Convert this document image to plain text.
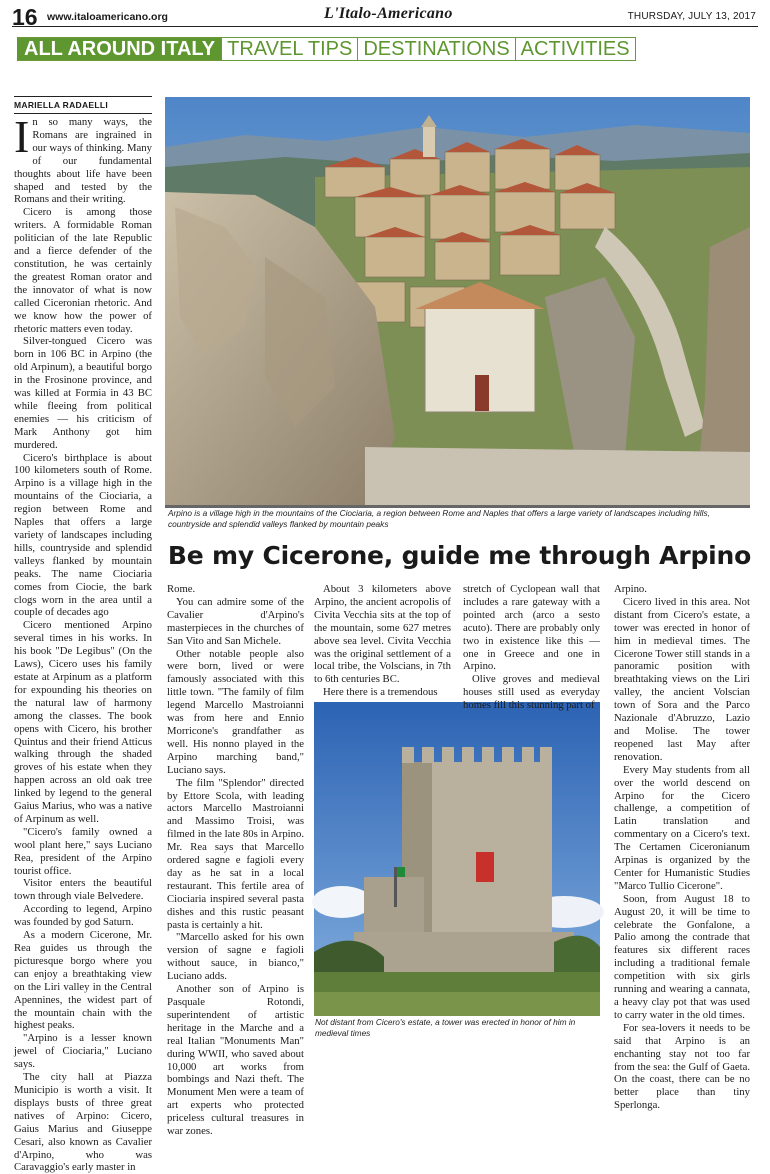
16 www.italoamericano.org	L'Italo-Americano	THURSDAY, JULY 13, 2017
ALL AROUND ITALY TRAVEL TIPS DESTINATIONS ACTIVITIES
MARIELLA RADAELLI
Arpino is a village high in the mountains of the Ciociaria, a region between Rome and Naples that offers a large variety of landscapes including hills, countryside and splendid valleys flanked by mountain peaks
Be my Cicerone, guide me through Arpino
Not distant from Cicero's estate, a tower was erected in honor of him in medieval times

In so many ways, the Romans are ingrained in our ways of thinking. Many of our fundamental thoughts about life have been shaped and tested by the Romans and their writing.

Cicero is among those writers. A formidable Roman politician of the late Republic and a fierce defender of the constitution, he was certainly the greatest Roman orator and the innovator of what is now called Ciceronian rhetoric. And we know how the power of rhetoric matters even today.

Silver-tongued Cicero was born in 106 BC in Arpino (the old Arpinum), a beautiful borgo in the Frosinone province, and was killed at Formia in 43 BC while fleeing from political enemies — his criticism of Mark Anthony got him murdered.

Cicero's birthplace is about 100 kilometers south of Rome. Arpino is a village high in the mountains of the Ciociaria, a region between Rome and Naples that offers a large variety of landscapes including hills, countryside and splendid valleys flanked by mountain peaks. The name Ciociaria comes from Ciocie, the bark clogs worn in the area until a couple of decades ago

Cicero mentioned Arpino several times in his works. In his book "De Legibus" (On the Laws), Cicero uses his family estate at Arpinum as a platform for expounding his theories on the natural law of harmony among the classes. The book opens with Cicero, his brother Quintus and their friend Atticus walking through the shaded groves of his estate when they happen across an old oak tree linked by legend to the general Gaius Marius, who was a native of Arpinum as well.

"Cicero's family owned a wool plant here," says Luciano Rea, president of the Arpino tourist office.

Visitor enters the beautiful town through viale Belvedere.

According to legend, Arpino was founded by god Saturn.

As a modern Cicerone, Mr. Rea guides us through the picturesque borgo where you can enjoy a breathtaking view on the Liri valley in the Central Apennines, the widest part of the mountain chain with the highest peaks.

"Arpino is a lesser known jewel of Ciociaria," Luciano says.

The city hall at Piazza Municipio is worth a visit. It displays busts of three great natives of Arpino: Cicero, Gaius Marius and Giuseppe Cesari, also known as Cavalier d'Arpino, who was Caravaggio's early master in

Rome.

You can admire some of the Cavalier d'Arpino's masterpieces in the churches of San Vito and San Michele.

Other notable people also were born, lived or were famously associated with this little town. "The family of film legend Marcello Mastroianni was from here and Ennio Morricone's grandfather as well. His nonno played in the Arpino marching band," Luciano says.

The film "Splendor" directed by Ettore Scola, with leading actors Marcello Mastroianni and Massimo Troisi, was filmed in the late 80s in Arpino. Mr. Rea says that Marcello ordered sagne e fagioli every day as he sat in a local restaurant. This fertile area of Ciociaria inspired several pasta dishes and this rustic peasant pasta is certainly a hit.

"Marcello asked for his own version of sagne e fagioli without sauce, in bianco," Luciano adds.

Another son of Arpino is Pasquale Rotondi, superintendent of artistic heritage in the Marche and a real Italian "Monuments Man" during WWII, who saved about 10,000 art works from bombings and Nazi theft. The Monument Men were a team of art experts who protected priceless cultural treasures in war zones.

About 3 kilometers above Arpino, the ancient acropolis of Civita Vecchia sits at the top of the mountain, some 627 metres above sea level. Civita Vecchia was the original settlement of a local tribe, the Volscians, in 7th to 6th centuries BC.

Here there is a tremendous

stretch of Cyclopean wall that includes a rare gateway with a pointed arch (arco a sesto acuto). There are probably only two in existence like this — one in Greece and one in Arpino.

Olive groves and medieval houses still used as everyday homes fill this stunning part of

Arpino.

Cicero lived in this area. Not distant from Cicero's estate, a tower was erected in honor of him in medieval times. The Cicerone Tower still stands in a panoramic position with breathtaking views on the Liri valley, the ancient Volscian town of Sora and the Parco Nazionale d'Abruzzo, Lazio and Molise. The tower reopened last May after renovation.

Every May students from all over the world descend on Arpino for the Cicero challenge, a competition of Latin translation and commentary on a Cicero's text. The Certamen Ciceronianum Arpinas is organized by the Center for Humanistic Studies "Marco Tullio Cicerone".

Soon, from August 18 to August 20, it will be time to celebrate the Gonfalone, a Palio among the contrade that features six different races including a traditional female competition with six girls running and wearing a cannata, a heavy clay pot that was used to carry water in the old times.

For sea-lovers it needs to be said that Arpino is an enchanting stay not too far from the sea: the Gulf of Gaeta. On the coast, there can be no better place than tiny Sperlonga.
